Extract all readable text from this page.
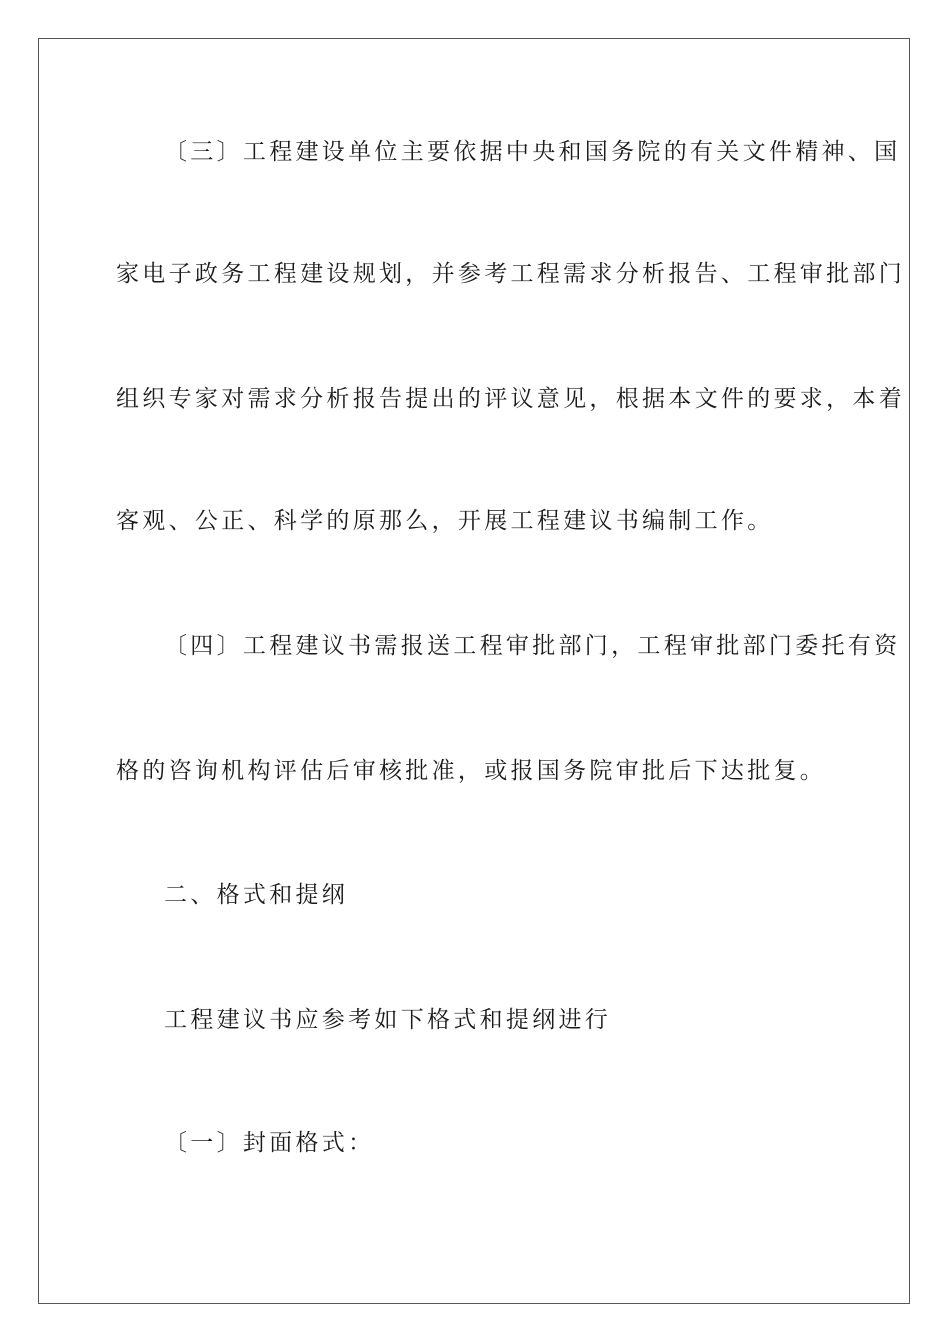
〔三〕工程建设单位主要依据中央和国务院的有关文件精神、国

家电子政务工程建设规划，并参考工程需求分析报告、工程审批部门

组织专家对需求分析报告提出的评议意见，根据本文件的要求，本着

客观、公正、科学的原那么，开展工程建议书编制工作。

〔四〕工程建议书需报送工程审批部门，工程审批部门委托有资

格的咨询机构评估后审核批准，或报国务院审批后下达批复。

二、格式和提纲

工程建议书应参考如下格式和提纲进行

〔一〕封面格式：
